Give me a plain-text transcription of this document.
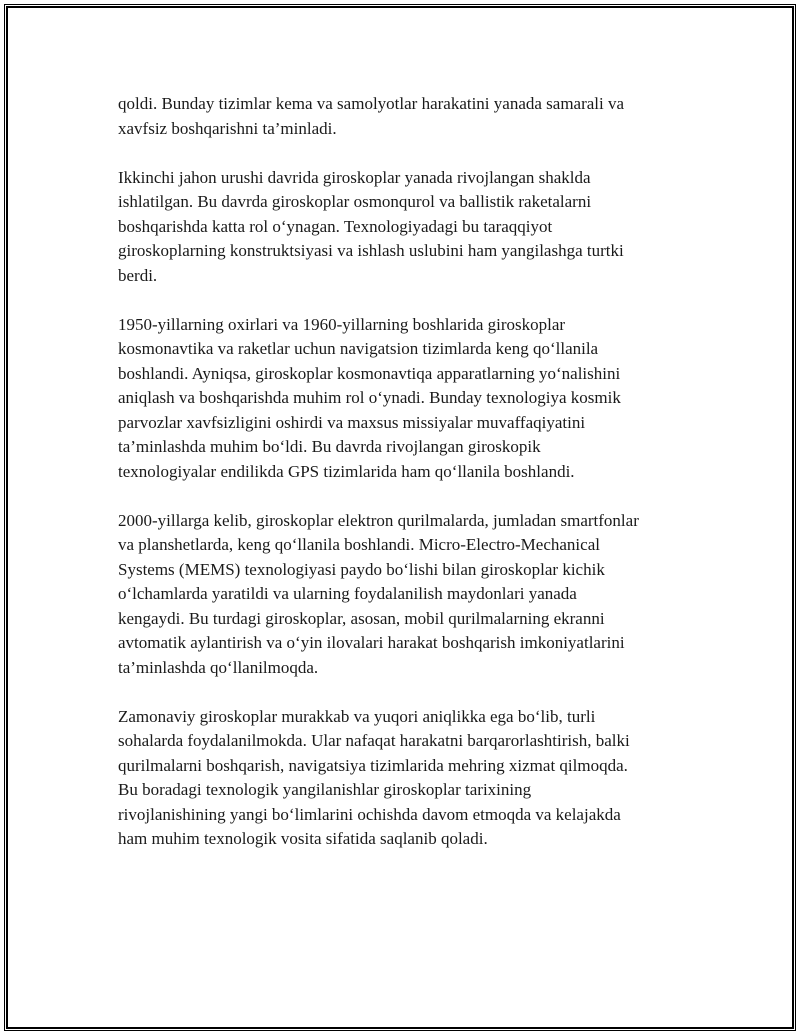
qoldi. Bunday tizimlar kema va samolyotlar harakatini yanada samarali va
xavfsiz boshqarishni ta’minladi.

Ikkinchi jahon urushi davrida giroskoplar yanada rivojlangan shaklda
ishlatilgan. Bu davrda giroskoplar osmonqurol va ballistik raketalarni
boshqarishda katta rol o‘ynagan. Texnologiyadagi bu taraqqiyot
giroskoplarning konstruktsiyasi va ishlash uslubini ham yangilashga turtki
berdi.

1950-yillarning oxirlari va 1960-yillarning boshlarida giroskoplar
kosmonavtika va raketlar uchun navigatsion tizimlarda keng qo‘llanila
boshlandi. Ayniqsa, giroskoplar kosmonavtiqa apparatlarning yo‘nalishini
aniqlash va boshqarishda muhim rol o‘ynadi. Bunday texnologiya kosmik
parvozlar xavfsizligini oshirdi va maxsus missiyalar muvaffaqiyatini
ta’minlashda muhim bo‘ldi. Bu davrda rivojlangan giroskopik
texnologiyalar endilikda GPS tizimlarida ham qo‘llanila boshlandi.

2000-yillarga kelib, giroskoplar elektron qurilmalarda, jumladan smartfonlar
va planshetlarda, keng qo‘llanila boshlandi. Micro-Electro-Mechanical
Systems (MEMS) texnologiyasi paydo bo‘lishi bilan giroskoplar kichik
o‘lchamlarda yaratildi va ularning foydalanilish maydonlari yanada
kengaydi. Bu turdagi giroskoplar, asosan, mobil qurilmalarning ekranni
avtomatik aylantirish va o‘yin ilovalari harakat boshqarish imkoniyatlarini
ta’minlashda qo‘llanilmoqda.

Zamonaviy giroskoplar murakkab va yuqori aniqlikka ega bo‘lib, turli
sohalarda foydalanilmokda. Ular nafaqat harakatni barqarorlashtirish, balki
qurilmalarni boshqarish, navigatsiya tizimlarida mehring xizmat qilmoqda.
Bu boradagi texnologik yangilanishlar giroskoplar tarixining
rivojlanishining yangi bo‘limlarini ochishda davom etmoqda va kelajakda
ham muhim texnologik vosita sifatida saqlanib qoladi.
